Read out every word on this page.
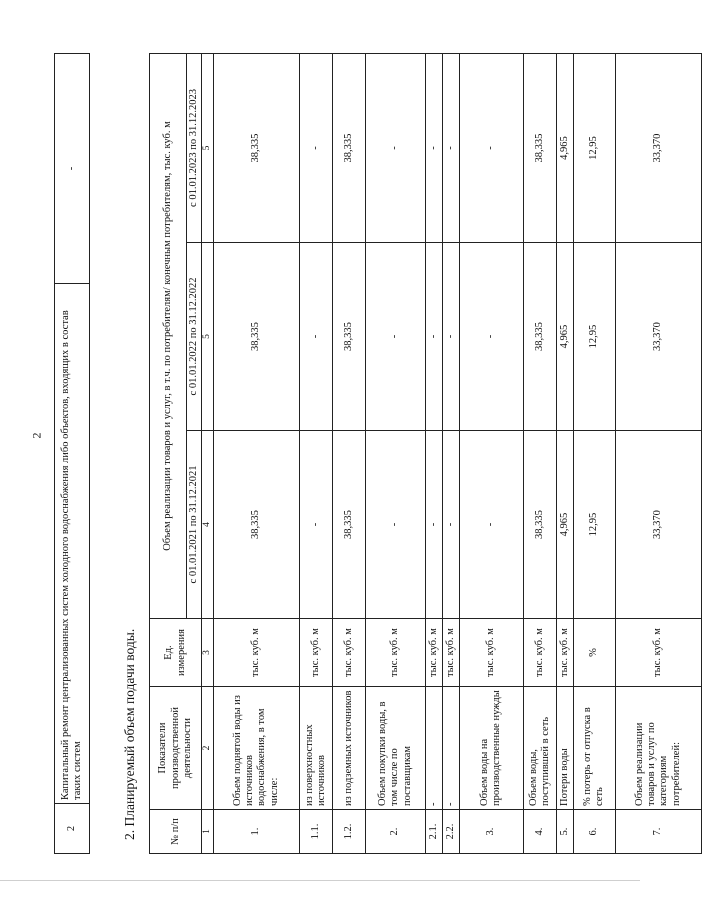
2
2	Капитальный ремонт централизованных систем холодного водоснабжения либо объектов, входящих в состав таких систем	-
2. Планируемый объем подачи воды.	№ п/п	Показатели производственной деятельности	Ед. измерения	Объем реализации товаров и услуг, в т.ч. по потребителям/ конечным потребителям, тыс. куб. м		
			с 01.01.2021 по 31.12.2021	с 01.01.2022 по 31.12.2022	с 01.01.2023 по 31.12.2023
1	2	3	4	5	5
1.	Объем поднятой воды из источников водоснабжения, в том числе:	тыс. куб. м	38,335	38,335	38,335
1.1.	из поверхностных источников	тыс. куб. м	-	-	-
1.2.	из подземных источников	тыс. куб. м	38,335	38,335	38,335
2.	Объем покупки воды, в том числе по поставщикам	тыс. куб. м	-	-	-
2.1.	-	тыс. куб. м	-	-	-
2.2.	-	тыс. куб. м	-	-	-
3.	Объем воды на производственные нужды	тыс. куб. м	-	-	-
4.	Объем воды, поступившей в сеть	тыс. куб. м	38,335	38,335	38,335
5.	Потери воды	тыс. куб. м	4,965	4,965	4,965
6.	% потерь от отпуска в сеть	%	12,95	12,95	12,95
7.	Объем реализации товаров и услуг по категориям потребителей:	тыс. куб. м	33,370	33,370	33,370
